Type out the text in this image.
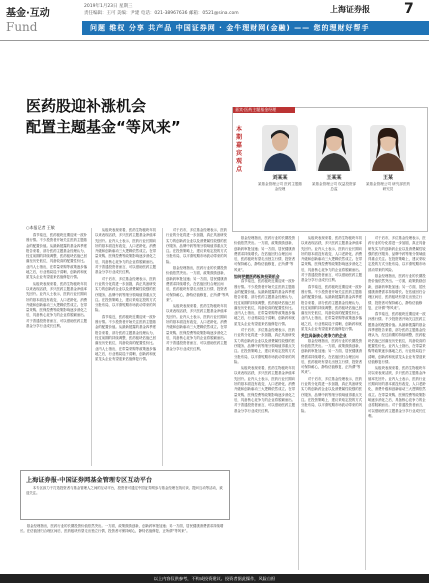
基金·互动
Fund
2019年1月23日 星期三
责任编辑：王可 美编：尹建 电话：021-38967636 邮箱：0521@sina.com	上海证券报 7
问题 维权 分享 共产品 中国证券网 · 金牛理财网(金融) —— 您的理财好帮手
医药股迎补涨机会
配置主题基金“等风来”
嘉宾·医药主题基金经理
本期嘉宾观点
刘某某
某基金管理公司 医药主题基金经理
王某某
某基金管理公司 权益投资部总监
王某
某基金管理公司 研究部医药研究员
○本报记者 王敏

春节临近，医药板块近期迎来一波补涨行情。不少投资者开始关注医药主题基金的配置价值。从最新披露的基金四季度报告来看，部分医药主题基金经理认为，经过前期的持续调整，医药板块估值已回落至历史低位，具备较高的配置性价比。业内人士指出，在带量采购等政策逐步落地之后，行业格局趋于清晰，创新药和优质龙头企业有望迎来估值修复行情。

从板块表现来看，医药生物板块年初以来表现活跃，多只医药主题基金净值率先回升。业内人士表示，医药行业长期向好的基本面没有改变，人口老龄化、消费升级和创新驱动三大逻辑依然成立。在带量采购、医保控费等政策影响逐步消化之后，具备核心竞争力的企业将脱颖而出。对于普通投资者而言，可以借助医药主题基金分享行业成长红利。

从板块表现来看，医药生物板块年初以来表现活跃，多只医药主题基金净值率先回升。业内人士表示，医药行业长期向好的基本面没有改变，人口老龄化、消费升级和创新驱动三大逻辑依然成立。在带量采购、医保控费等政策影响逐步消化之后，具备核心竞争力的企业将脱颖而出。对于普通投资者而言，可以借助医药主题基金分享行业成长红利。

对于后市，多位基金经理表示，医药行业的分化将进一步加剧，真正具备研发实力的创新药企业以及消费属性较强的医疗服务、品牌中药等细分领域值得重点关注。在投资策略上，建议采取定投的方式分批布局，以平滑短期市场波动带来的风险。

春节临近，医药板块近期迎来一波补涨行情。不少投资者开始关注医药主题基金的配置价值。从最新披露的基金四季度报告来看，部分医药主题基金经理认为，经过前期的持续调整，医药板块估值已回落至历史低位，具备较高的配置性价比。业内人士指出，在带量采购等政策逐步落地之后，行业格局趋于清晰，创新药和优质龙头企业有望迎来估值修复行情。

对于后市，多位基金经理表示，医药行业的分化将进一步加剧，真正具备研发实力的创新药企业以及消费属性较强的医疗服务、品牌中药等细分领域值得重点关注。在投资策略上，建议采取定投的方式分批布局，以平滑短期市场波动带来的风险。

基金经理指出，医药行业的长期投资价值依然突出。一方面，政策鼓励创新，创新药审批加速；另一方面，居民健康消费需求持续增长。在估值回归合理区间后，医药板块有望走出独立行情，投资者可保持耐心，静待估值修复，正所谓“等风来”。

从板块表现来看，医药生物板块年初以来表现活跃，多只医药主题基金净值率先回升。业内人士表示，医药行业长期向好的基本面没有改变，人口老龄化、消费升级和创新驱动三大逻辑依然成立。在带量采购、医保控费等政策影响逐步消化之后，具备核心竞争力的企业将脱颖而出。对于普通投资者而言，可以借助医药主题基金分享行业成长红利。

基金经理指出，医药行业的长期投资价值依然突出。一方面，政策鼓励创新，创新药审批加速；另一方面，居民健康消费需求持续增长。在估值回归合理区间后，医药板块有望走出独立行情，投资者可保持耐心，静待估值修复，正所谓“等风来”。

如何把握医药板块投资机会

春节临近，医药板块近期迎来一波补涨行情。不少投资者开始关注医药主题基金的配置价值。从最新披露的基金四季度报告来看，部分医药主题基金经理认为，经过前期的持续调整，医药板块估值已回落至历史低位，具备较高的配置性价比。业内人士指出，在带量采购等政策逐步落地之后，行业格局趋于清晰，创新药和优质龙头企业有望迎来估值修复行情。

对于后市，多位基金经理表示，医药行业的分化将进一步加剧，真正具备研发实力的创新药企业以及消费属性较强的医疗服务、品牌中药等细分领域值得重点关注。在投资策略上，建议采取定投的方式分批布局，以平滑短期市场波动带来的风险。

从板块表现来看，医药生物板块年初以来表现活跃，多只医药主题基金净值率先回升。业内人士表示，医药行业长期向好的基本面没有改变，人口老龄化、消费升级和创新驱动三大逻辑依然成立。在带量采购、医保控费等政策影响逐步消化之后，具备核心竞争力的企业将脱颖而出。对于普通投资者而言，可以借助医药主题基金分享行业成长红利。

从板块表现来看，医药生物板块年初以来表现活跃，多只医药主题基金净值率先回升。业内人士表示，医药行业长期向好的基本面没有改变，人口老龄化、消费升级和创新驱动三大逻辑依然成立。在带量采购、医保控费等政策影响逐步消化之后，具备核心竞争力的企业将脱颖而出。对于普通投资者而言，可以借助医药主题基金分享行业成长红利。

春节临近，医药板块近期迎来一波补涨行情。不少投资者开始关注医药主题基金的配置价值。从最新披露的基金四季度报告来看，部分医药主题基金经理认为，经过前期的持续调整，医药板块估值已回落至历史低位，具备较高的配置性价比。业内人士指出，在带量采购等政策逐步落地之后，行业格局趋于清晰，创新药和优质龙头企业有望迎来估值修复行情。

关注具备核心竞争力的企业

基金经理指出，医药行业的长期投资价值依然突出。一方面，政策鼓励创新，创新药审批加速；另一方面，居民健康消费需求持续增长。在估值回归合理区间后，医药板块有望走出独立行情，投资者可保持耐心，静待估值修复，正所谓“等风来”。

对于后市，多位基金经理表示，医药行业的分化将进一步加剧，真正具备研发实力的创新药企业以及消费属性较强的医疗服务、品牌中药等细分领域值得重点关注。在投资策略上，建议采取定投的方式分批布局，以平滑短期市场波动带来的风险。

对于后市，多位基金经理表示，医药行业的分化将进一步加剧，真正具备研发实力的创新药企业以及消费属性较强的医疗服务、品牌中药等细分领域值得重点关注。在投资策略上，建议采取定投的方式分批布局，以平滑短期市场波动带来的风险。

基金经理指出，医药行业的长期投资价值依然突出。一方面，政策鼓励创新，创新药审批加速；另一方面，居民健康消费需求持续增长。在估值回归合理区间后，医药板块有望走出独立行情，投资者可保持耐心，静待估值修复，正所谓“等风来”。

春节临近，医药板块近期迎来一波补涨行情。不少投资者开始关注医药主题基金的配置价值。从最新披露的基金四季度报告来看，部分医药主题基金经理认为，经过前期的持续调整，医药板块估值已回落至历史低位，具备较高的配置性价比。业内人士指出，在带量采购等政策逐步落地之后，行业格局趋于清晰，创新药和优质龙头企业有望迎来估值修复行情。

从板块表现来看，医药生物板块年初以来表现活跃，多只医药主题基金净值率先回升。业内人士表示，医药行业长期向好的基本面没有改变，人口老龄化、消费升级和创新驱动三大逻辑依然成立。在带量采购、医保控费等政策影响逐步消化之后，具备核心竞争力的企业将脱颖而出。对于普通投资者而言，可以借助医药主题基金分享行业成长红利。

上海证券报·中国证券网基金管理专区互动平台

本专区致力于打造投资者与基金管理人之间的互动平台，投资者可通过中国证券网参与基金经理在线访谈、提问互动等活动，欢迎关注。

基金经理指出，医药行业的长期投资价值依然突出。一方面，政策鼓励创新，创新药审批加速；另一方面，居民健康消费需求持续增长。在估值回归合理区间后，医药板块有望走出独立行情，投资者可保持耐心，静待估值修复，正所谓“等风来”。

以上内容仅供参考，不构成投资建议。投资者据此操作，风险自担
